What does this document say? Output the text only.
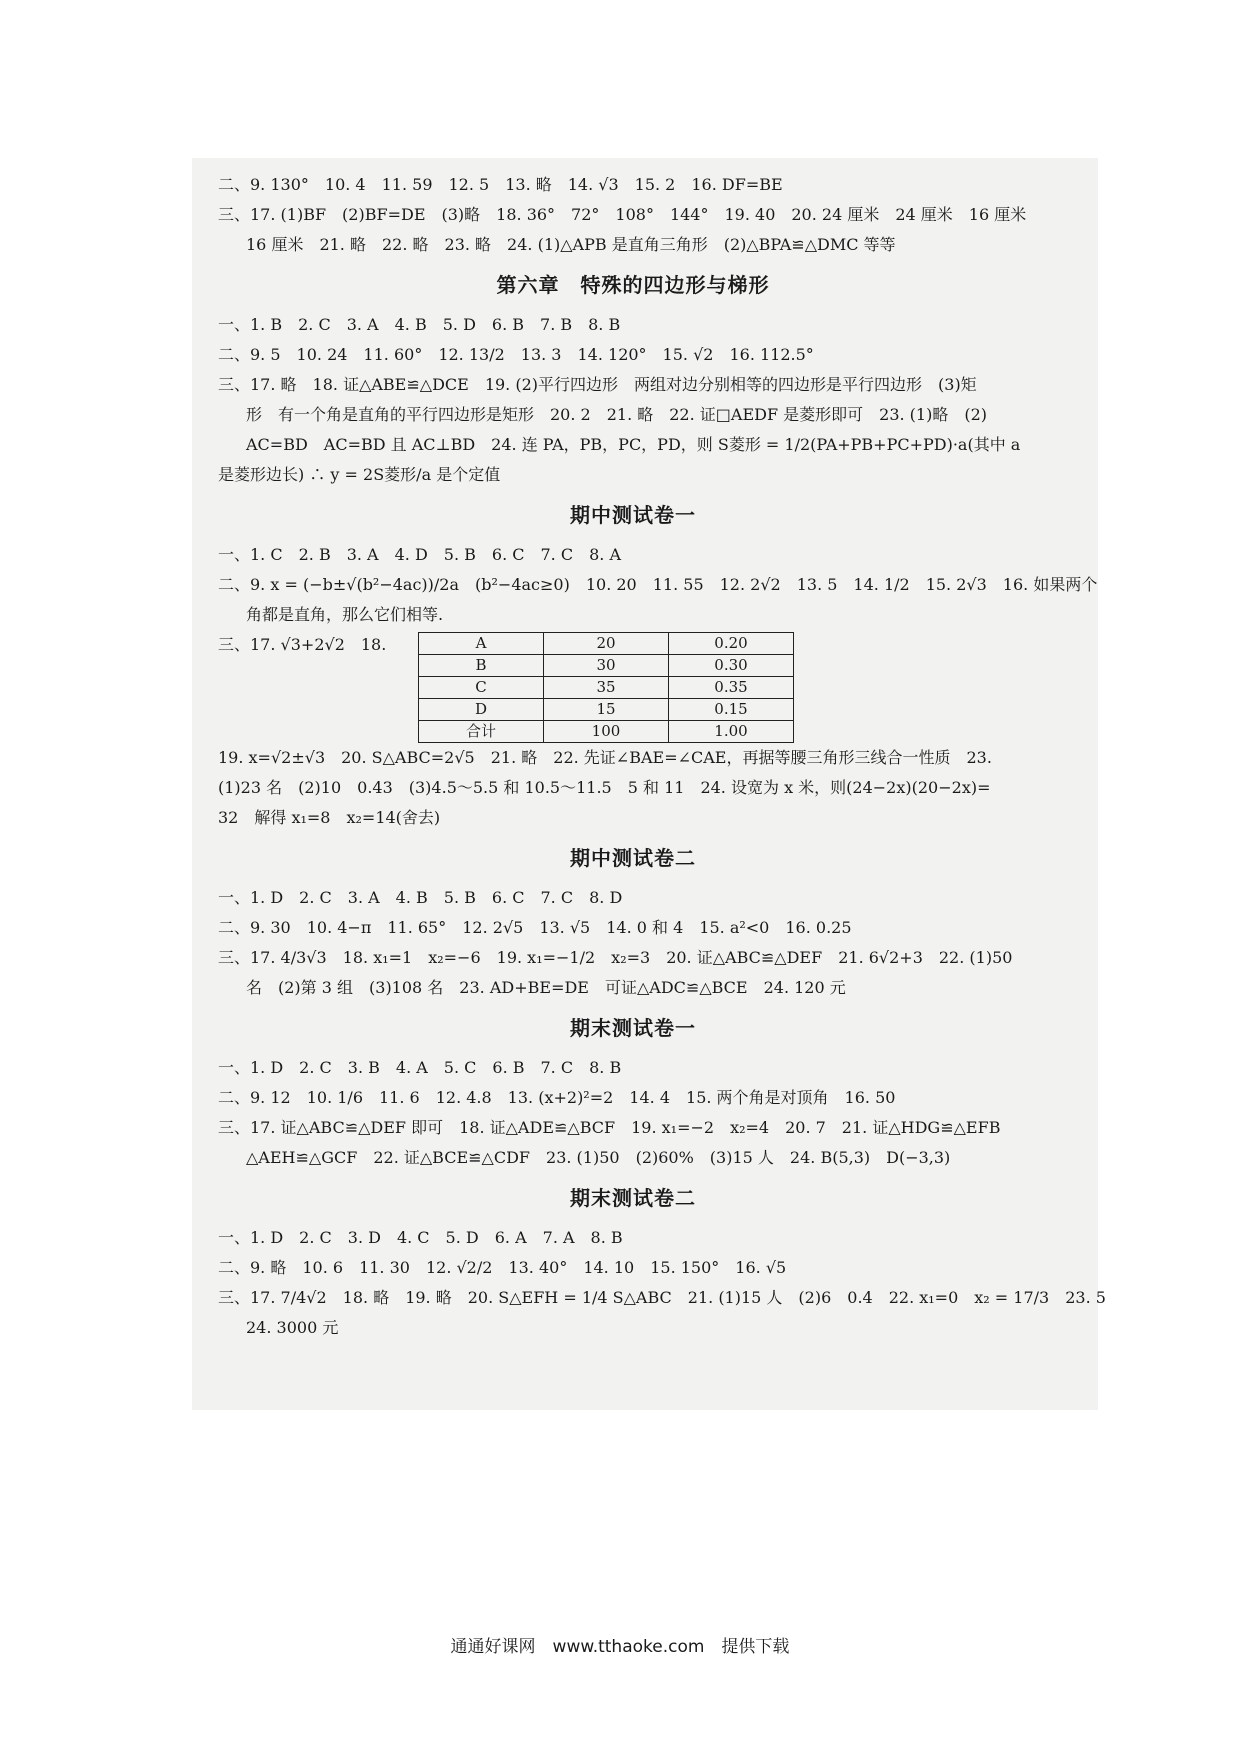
二、9. 130°　10. 4　11. 59　12. 5　13. 略　14. √3　15. 2　16. DF=BE
三、17. (1)BF　(2)BF=DE　(3)略　18. 36°　72°　108°　144°　19. 40　20. 24 厘米　24 厘米　16 厘米
16 厘米　21. 略　22. 略　23. 略　24. (1)△APB 是直角三角形　(2)△BPA≌△DMC 等等
第六章　特殊的四边形与梯形
一、1. B　2. C　3. A　4. B　5. D　6. B　7. B　8. B
二、9. 5　10. 24　11. 60°　12. 13/2　13. 3　14. 120°　15. √2　16. 112.5°
三、17. 略　18. 证△ABE≌△DCE　19. (2)平行四边形　两组对边分别相等的四边形是平行四边形　(3)矩
形　有一个角是直角的平行四边形是矩形　20. 2　21. 略　22. 证□AEDF 是菱形即可　23. (1)略　(2)
AC=BD　AC=BD 且 AC⊥BD　24. 连 PA，PB，PC，PD，则 S菱形 = 1/2(PA+PB+PC+PD)·a(其中 a
是菱形边长) ∴ y = 2S菱形/a 是个定值
期中测试卷一
一、1. C　2. B　3. A　4. D　5. B　6. C　7. C　8. A
二、9. x = (−b±√(b²−4ac))/2a　(b²−4ac≥0)　10. 20　11. 55　12. 2√2　13. 5　14. 1/2　15. 2√3　16. 如果两个
角都是直角，那么它们相等.
三、17. √3+2√2　18.	A	20	0.20
B	30	0.30
C	35	0.35
D	15	0.15
合计	100	1.00
19. x=√2±√3　20. S△ABC=2√5　21. 略　22. 先证∠BAE=∠CAE，再据等腰三角形三线合一性质　23.
(1)23 名　(2)10　0.43　(3)4.5～5.5 和 10.5～11.5　5 和 11　24. 设宽为 x 米，则(24−2x)(20−2x)=
32　解得 x₁=8　x₂=14(舍去)
期中测试卷二
一、1. D　2. C　3. A　4. B　5. B　6. C　7. C　8. D
二、9. 30　10. 4−π　11. 65°　12. 2√5　13. √5　14. 0 和 4　15. a²<0　16. 0.25
三、17. 4/3√3　18. x₁=1　x₂=−6　19. x₁=−1/2　x₂=3　20. 证△ABC≌△DEF　21. 6√2+3　22. (1)50
名　(2)第 3 组　(3)108 名　23. AD+BE=DE　可证△ADC≌△BCE　24. 120 元
期末测试卷一
一、1. D　2. C　3. B　4. A　5. C　6. B　7. C　8. B
二、9. 12　10. 1/6　11. 6　12. 4.8　13. (x+2)²=2　14. 4　15. 两个角是对顶角　16. 50
三、17. 证△ABC≌△DEF 即可　18. 证△ADE≌△BCF　19. x₁=−2　x₂=4　20. 7　21. 证△HDG≌△EFB
△AEH≌△GCF　22. 证△BCE≌△CDF　23. (1)50　(2)60%　(3)15 人　24. B(5,3)　D(−3,3)
期末测试卷二
一、1. D　2. C　3. D　4. C　5. D　6. A　7. A　8. B
二、9. 略　10. 6　11. 30　12. √2/2　13. 40°　14. 10　15. 150°　16. √5
三、17. 7/4√2　18. 略　19. 略　20. S△EFH = 1/4 S△ABC　21. (1)15 人　(2)6　0.4　22. x₁=0　x₂ = 17/3　23. 5
24. 3000 元
通通好课网　www.tthaoke.com　提供下载
